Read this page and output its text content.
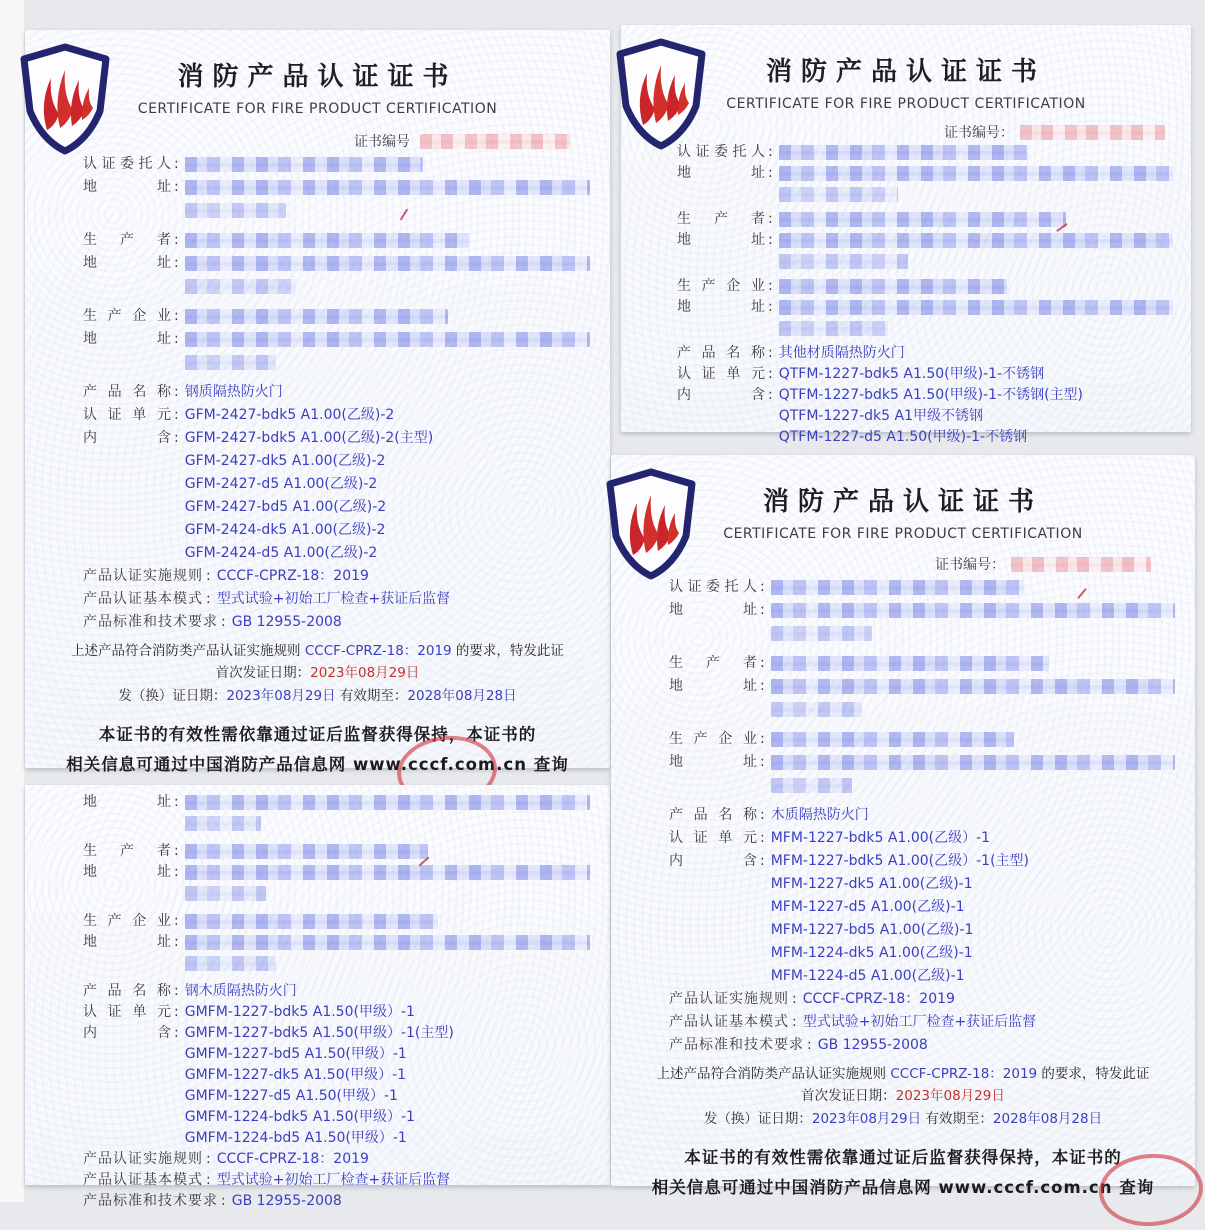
消防产品认证证书
CERTIFICATE FOR FIRE PRODUCT CERTIFICATION
证书编号
认证委托人 :
地址 :
生产者 :
地址 :
生产企业 :
地址 :
产品名称 : 钢质隔热防火门
认证单元 : GFM-2427-bdk5 A1.00(乙级)-2
内含 : GFM-2427-bdk5 A1.00(乙级)-2(主型)
GFM-2427-dk5 A1.00(乙级)-2
GFM-2427-d5 A1.00(乙级)-2
GFM-2427-bd5 A1.00(乙级)-2
GFM-2424-dk5 A1.00(乙级)-2
GFM-2424-d5 A1.00(乙级)-2
产品认证实施规则 : CCCF-CPRZ-18：2019
产品认证基本模式 : 型式试验+初始工厂检查+获证后监督
产品标准和技术要求 : GB 12955-2008
上述产品符合消防类产品认证实施规则 CCCF-CPRZ-18：2019 的要求，特发此证
首次发证日期：2023年08月29日
发（换）证日期：2023年08月29日 有效期至：2028年08月28日
本证书的有效性需依靠通过证后监督获得保持，本证书的
相关信息可通过中国消防产品信息网 www.cccf.com.cn 查询
消防产品认证证书
CERTIFICATE FOR FIRE PRODUCT CERTIFICATION
证书编号：
认证委托人 :
地址 :
生产者 :
地址 :
生产企业 :
地址 :
产品名称 : 其他材质隔热防火门
认证单元 : QTFM-1227-bdk5 A1.50(甲级)-1-不锈钢
内含 : QTFM-1227-bdk5 A1.50(甲级)-1-不锈钢(主型)
QTFM-1227-dk5 A1甲级不锈钢
QTFM-1227-d5 A1.50(甲级)-1-不锈钢
地址 :
生产者 :
地址 :
生产企业 :
地址 :
产品名称 : 钢木质隔热防火门
认证单元 : GMFM-1227-bdk5 A1.50(甲级）-1
内含 : GMFM-1227-bdk5 A1.50(甲级）-1(主型)
GMFM-1227-bd5 A1.50(甲级）-1
GMFM-1227-dk5 A1.50(甲级）-1
GMFM-1227-d5 A1.50(甲级）-1
GMFM-1224-bdk5 A1.50(甲级）-1
GMFM-1224-bd5 A1.50(甲级）-1
产品认证实施规则 : CCCF-CPRZ-18：2019
产品认证基本模式 : 型式试验+初始工厂检查+获证后监督
产品标准和技术要求 : GB 12955-2008
消防产品认证证书
CERTIFICATE FOR FIRE PRODUCT CERTIFICATION
证书编号：
认证委托人 :
地址 :
生产者 :
地址 :
生产企业 :
地址 :
产品名称 : 木质隔热防火门
认证单元 : MFM-1227-bdk5 A1.00(乙级）-1
内含 : MFM-1227-bdk5 A1.00(乙级）-1(主型)
MFM-1227-dk5 A1.00(乙级)-1
MFM-1227-d5 A1.00(乙级)-1
MFM-1227-bd5 A1.00(乙级)-1
MFM-1224-dk5 A1.00(乙级)-1
MFM-1224-d5 A1.00(乙级)-1
产品认证实施规则 : CCCF-CPRZ-18：2019
产品认证基本模式 : 型式试验+初始工厂检查+获证后监督
产品标准和技术要求 : GB 12955-2008
上述产品符合消防类产品认证实施规则 CCCF-CPRZ-18：2019 的要求，特发此证
首次发证日期：2023年08月29日
发（换）证日期：2023年08月29日 有效期至：2028年08月28日
本证书的有效性需依靠通过证后监督获得保持，本证书的
相关信息可通过中国消防产品信息网 www.cccf.com.cn 查询
